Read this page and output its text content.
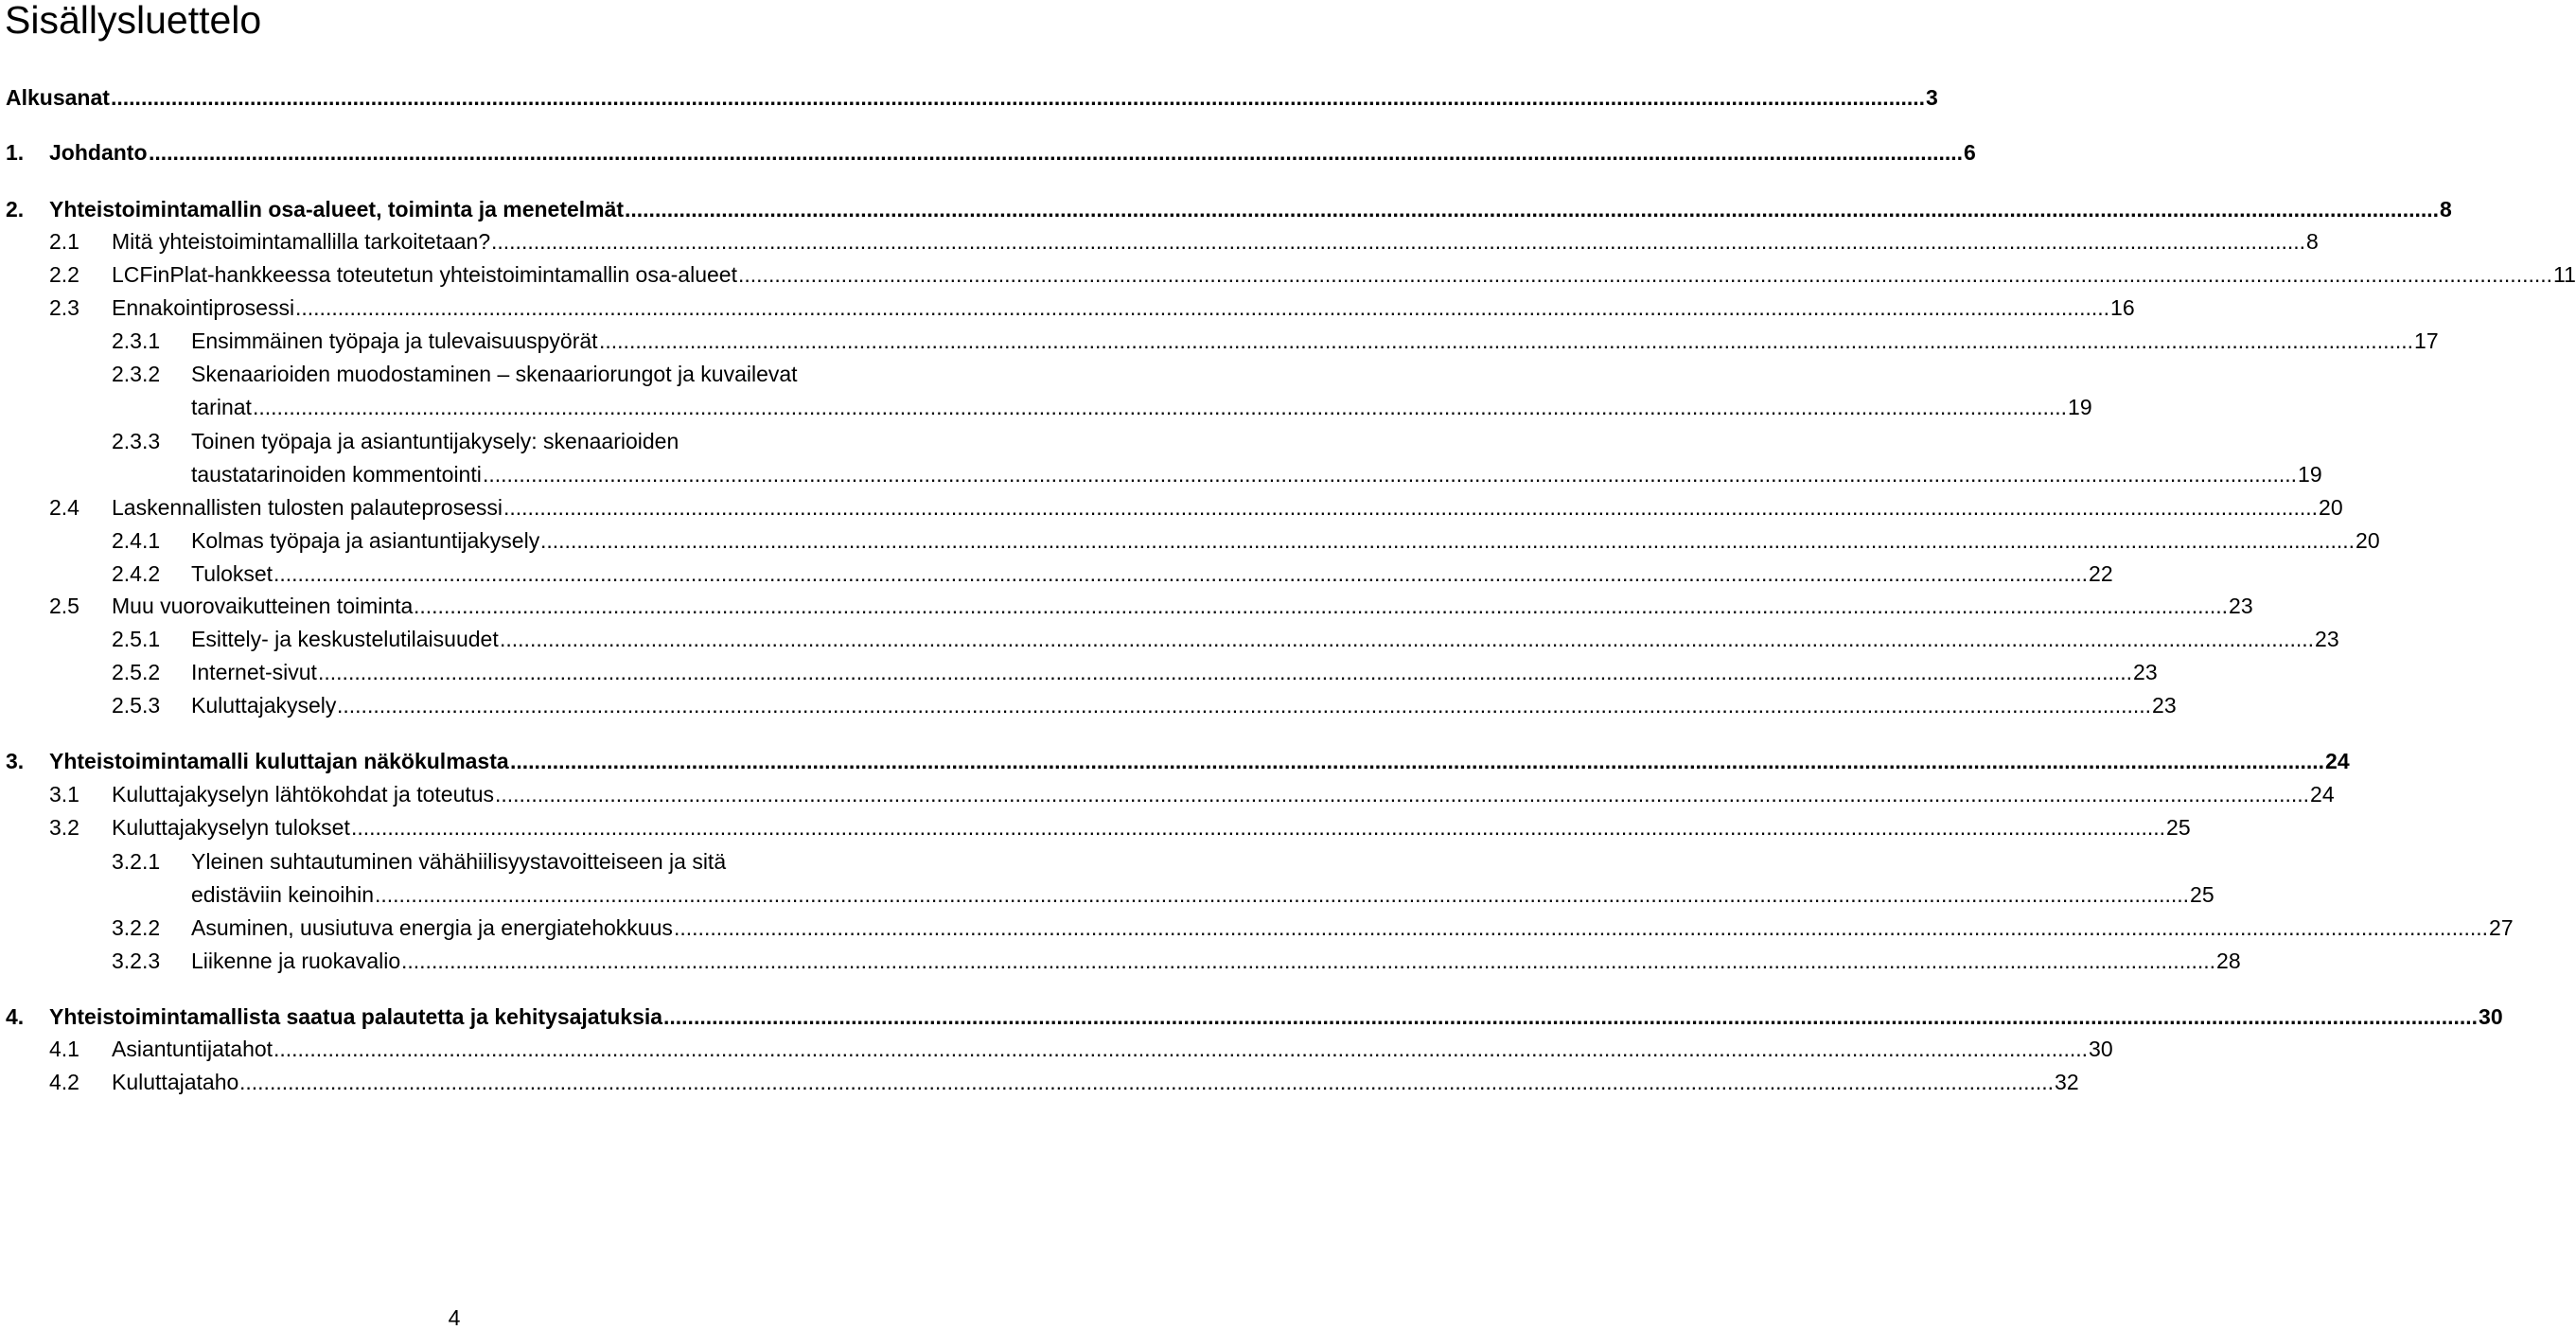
Sisällysluettelo
Alkusanat ............................................................................................................................................................................................................................................................................................................ 3
1. Johdanto ............................................................................................................................................................................................................................................................................................................ 6
2. Yhteistoimintamallin osa-alueet, toiminta ja menetelmät ............................................................................................................................................................................................................................................................................................................ 8
2.1 Mitä yhteistoimintamallilla tarkoitetaan? ............................................................................................................................................................................................................................................................................................................ 8
2.2 LCFinPlat-hankkeessa toteutetun yhteistoimintamallin osa-alueet ............................................................................................................................................................................................................................................................................................................ 11
2.3 Ennakointiprosessi ............................................................................................................................................................................................................................................................................................................ 16
2.3.1 Ensimmäinen työpaja ja tulevaisuuspyörät ............................................................................................................................................................................................................................................................................................................ 17
2.3.2 Skenaarioiden muodostaminen – skenaariorungot ja kuvailevat
tarinat ............................................................................................................................................................................................................................................................................................................ 19
2.3.3 Toinen työpaja ja asiantuntijakysely: skenaarioiden
taustatarinoiden kommentointi ............................................................................................................................................................................................................................................................................................................ 19
2.4 Laskennallisten tulosten palauteprosessi ............................................................................................................................................................................................................................................................................................................ 20
2.4.1 Kolmas työpaja ja asiantuntijakysely ............................................................................................................................................................................................................................................................................................................ 20
2.4.2 Tulokset ............................................................................................................................................................................................................................................................................................................ 22
2.5 Muu vuorovaikutteinen toiminta ............................................................................................................................................................................................................................................................................................................ 23
2.5.1 Esittely- ja keskustelutilaisuudet ............................................................................................................................................................................................................................................................................................................ 23
2.5.2 Internet-sivut ............................................................................................................................................................................................................................................................................................................ 23
2.5.3 Kuluttajakysely ............................................................................................................................................................................................................................................................................................................ 23
3. Yhteistoimintamalli kuluttajan näkökulmasta ............................................................................................................................................................................................................................................................................................................ 24
3.1 Kuluttajakyselyn lähtökohdat ja toteutus ............................................................................................................................................................................................................................................................................................................ 24
3.2 Kuluttajakyselyn tulokset ............................................................................................................................................................................................................................................................................................................ 25
3.2.1 Yleinen suhtautuminen vähähiilisyystavoitteiseen ja sitä
edistäviin keinoihin ............................................................................................................................................................................................................................................................................................................ 25
3.2.2 Asuminen, uusiutuva energia ja energiatehokkuus ............................................................................................................................................................................................................................................................................................................ 27
3.2.3 Liikenne ja ruokavalio ............................................................................................................................................................................................................................................................................................................ 28
4. Yhteistoimintamallista saatua palautetta ja kehitysajatuksia ............................................................................................................................................................................................................................................................................................................ 30
4.1 Asiantuntijatahot ............................................................................................................................................................................................................................................................................................................ 30
4.2 Kuluttajataho ............................................................................................................................................................................................................................................................................................................ 32
4
